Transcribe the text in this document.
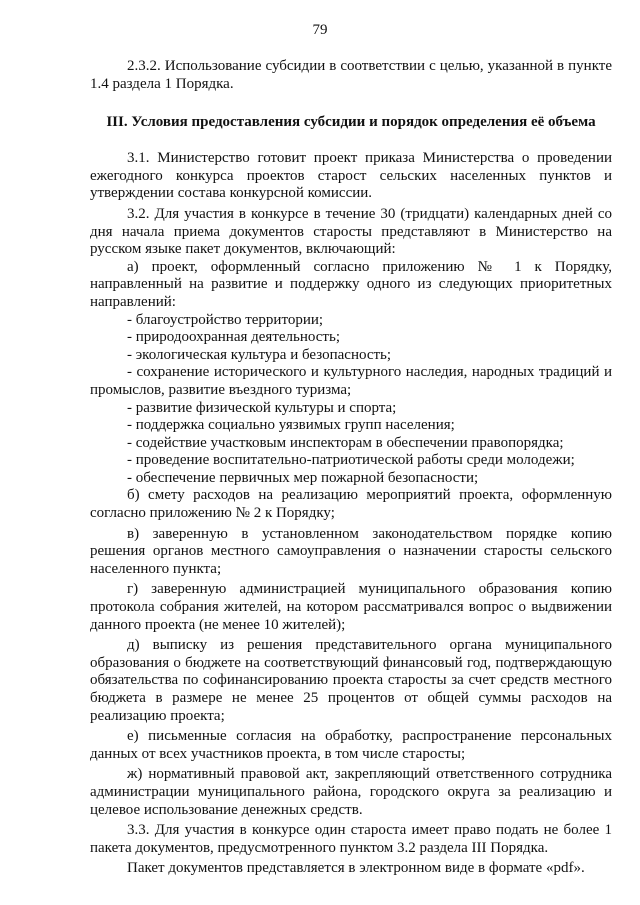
79

2.3.2. Использование субсидии в соответствии с целью, указанной в пункте 1.4 раздела 1 Порядка.

III. Условия предоставления субсидии и порядок определения её объема

3.1. Министерство готовит проект приказа Министерства о проведении ежегодного конкурса проектов старост сельских населенных пунктов и утверждении состава конкурсной комиссии.

3.2. Для участия в конкурсе в течение 30 (тридцати) календарных дней со дня начала приема документов старосты представляют в Министерство на русском языке пакет документов, включающий:

а) проект, оформленный согласно приложению № 1 к Порядку, направленный на развитие и поддержку одного из следующих приоритетных направлений:

- благоустройство территории;

- природоохранная деятельность;

- экологическая культура и безопасность;

- сохранение исторического и культурного наследия, народных традиций и промыслов, развитие въездного туризма;

- развитие физической культуры и спорта;

- поддержка социально уязвимых групп населения;

- содействие участковым инспекторам в обеспечении правопорядка;

- проведение воспитательно-патриотической работы среди молодежи;

- обеспечение первичных мер пожарной безопасности;

б) смету расходов на реализацию мероприятий проекта, оформленную согласно приложению № 2 к Порядку;

в) заверенную в установленном законодательством порядке копию решения органов местного самоуправления о назначении старосты сельского населенного пункта;

г) заверенную администрацией муниципального образования копию протокола собрания жителей, на котором рассматривался вопрос о выдвижении данного проекта (не менее 10 жителей);

д) выписку из решения представительного органа муниципального образования о бюджете на соответствующий финансовый год, подтверждающую обязательства по софинансированию проекта старосты за счет средств местного бюджета в размере не менее 25 процентов от общей суммы расходов на реализацию проекта;

е) письменные согласия на обработку, распространение персональных данных от всех участников проекта, в том числе старосты;

ж) нормативный правовой акт, закрепляющий ответственного сотрудника администрации муниципального района, городского округа за реализацию и целевое использование денежных средств.

3.3. Для участия в конкурсе один староста имеет право подать не более 1 пакета документов, предусмотренного пунктом 3.2 раздела III Порядка.

Пакет документов представляется в электронном виде в формате «pdf».
